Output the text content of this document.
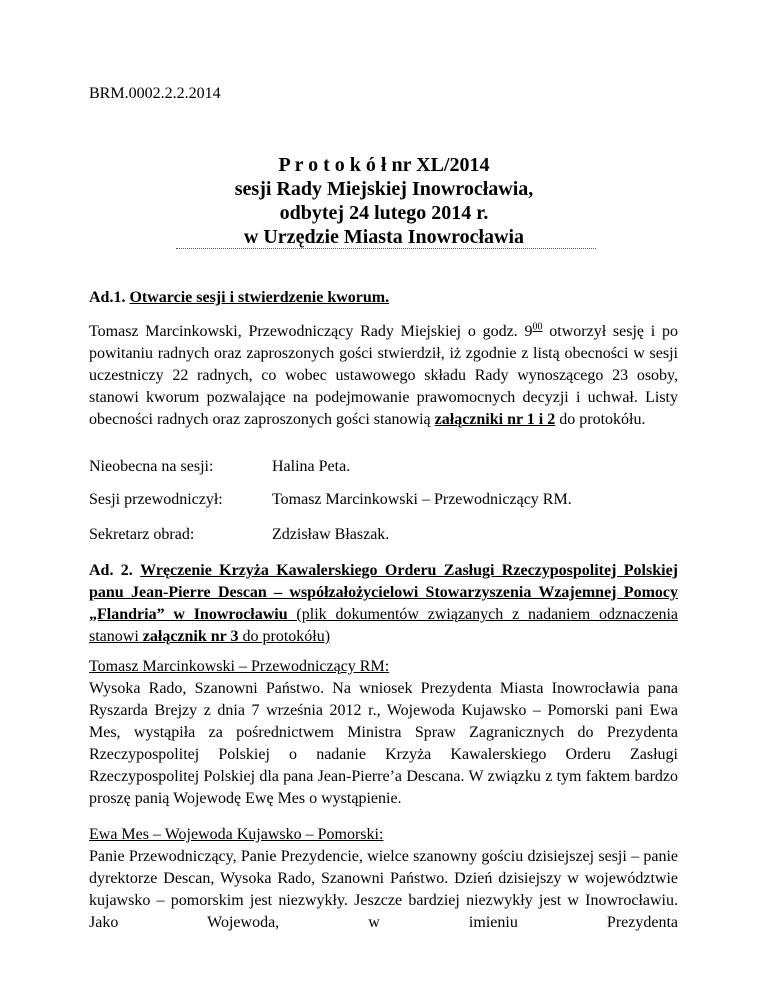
BRM.0002.2.2.2014
P r o t o k ó ł nr XL/2014
sesji Rady Miejskiej Inowrocławia,
odbytej 24 lutego 2014 r.
w Urzędzie Miasta Inowrocławia
Ad.1. Otwarcie sesji i stwierdzenie kworum.
Tomasz Marcinkowski, Przewodniczący Rady Miejskiej o godz. $9^{00}$ otworzył sesję i po powitaniu radnych oraz zaproszonych gości stwierdził, iż zgodnie z listą obecności w sesji uczestniczy 22 radnych, co wobec ustawowego składu Rady wynoszącego 23 osoby, stanowi kworum pozwalające na podejmowanie prawomocnych decyzji i uchwał. Listy obecności radnych oraz zaproszonych gości stanowią załączniki nr 1 i 2 do protokółu.
Nieobecna na sesji:	Halina Peta.
Sesji przewodniczył:	Tomasz Marcinkowski – Przewodniczący RM.
Sekretarz obrad:	Zdzisław Błaszak.
Ad. 2. Wręczenie Krzyża Kawalerskiego Orderu Zasługi Rzeczypospolitej Polskiej panu Jean-Pierre Descan – współzałożycielowi Stowarzyszenia Wzajemnej Pomocy „Flandria” w Inowrocławiu (plik dokumentów związanych z nadaniem odznaczenia stanowi załącznik nr 3 do protokółu)
Tomasz Marcinkowski – Przewodniczący RM:
Wysoka Rado, Szanowni Państwo. Na wniosek Prezydenta Miasta Inowrocławia pana Ryszarda Brejzy z dnia 7 września 2012 r., Wojewoda Kujawsko – Pomorski pani Ewa Mes, wystąpiła za pośrednictwem Ministra Spraw Zagranicznych do Prezydenta Rzeczypospolitej Polskiej o nadanie Krzyża Kawalerskiego Orderu Zasługi Rzeczypospolitej Polskiej dla pana Jean-Pierre’a Descana. W związku z tym faktem bardzo proszę panią Wojewodę Ewę Mes o wystąpienie.
Ewa Mes – Wojewoda Kujawsko – Pomorski:
Panie Przewodniczący, Panie Prezydencie, wielce szanowny gościu dzisiejszej sesji – panie dyrektorze Descan, Wysoka Rado, Szanowni Państwo. Dzień dzisiejszy w województwie kujawsko – pomorskim jest niezwykły. Jeszcze bardziej niezwykły jest w Inowrocławiu. Jako Wojewoda, w imieniu Prezydenta
